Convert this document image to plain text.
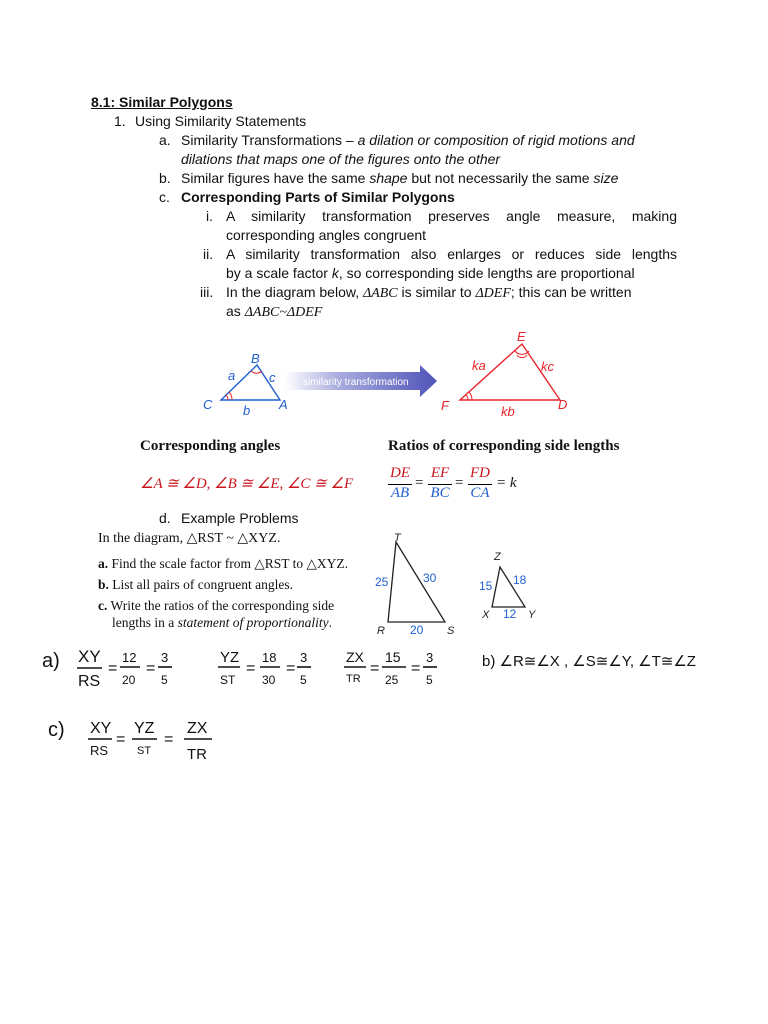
8.1: Similar Polygons
1. Using Similarity Statements
a. Similarity Transformations – a dilation or composition of rigid motions and
dilations that maps one of the figures onto the other
b. Similar figures have the same shape but not necessarily the same size
c. Corresponding Parts of Similar Polygons
i. A similarity transformation preserves angle measure, making
corresponding angles congruent
ii. A similarity transformation also enlarges or reduces side lengths
by a scale factor k, so corresponding side lengths are proportional
iii. In the diagram below, ΔABC is similar to ΔDEF; this can be written
as ΔABC~ΔDEF
B
a	c
C	A
b
similarity transformation
E
ka	kc
F	D
kb
Corresponding angles
∠A ≅ ∠D, ∠B ≅ ∠E, ∠C ≅ ∠F
Ratios of corresponding side lengths
DE
AB
=
EF
BC
=
FD
CA
= k
d. Example Problems
In the diagram, △RST ~ △XYZ.
a. Find the scale factor from △RST to △XYZ.
b. List all pairs of congruent angles.
c. Write the ratios of the corresponding side
lengths in a statement of proportionality.
T
R	S
25	30
20
Z
X	Y
15 18
12
a) XY
RS
=
12
20
=
3
5
YZ
ST
=
18
30
=
3
5
ZX
TR
=
15
25
=
3
5
b) ∠R≅∠X , ∠S≅∠Y, ∠T≅∠Z
c) XY
RS
=
YZ
ST
=
ZX
TR
